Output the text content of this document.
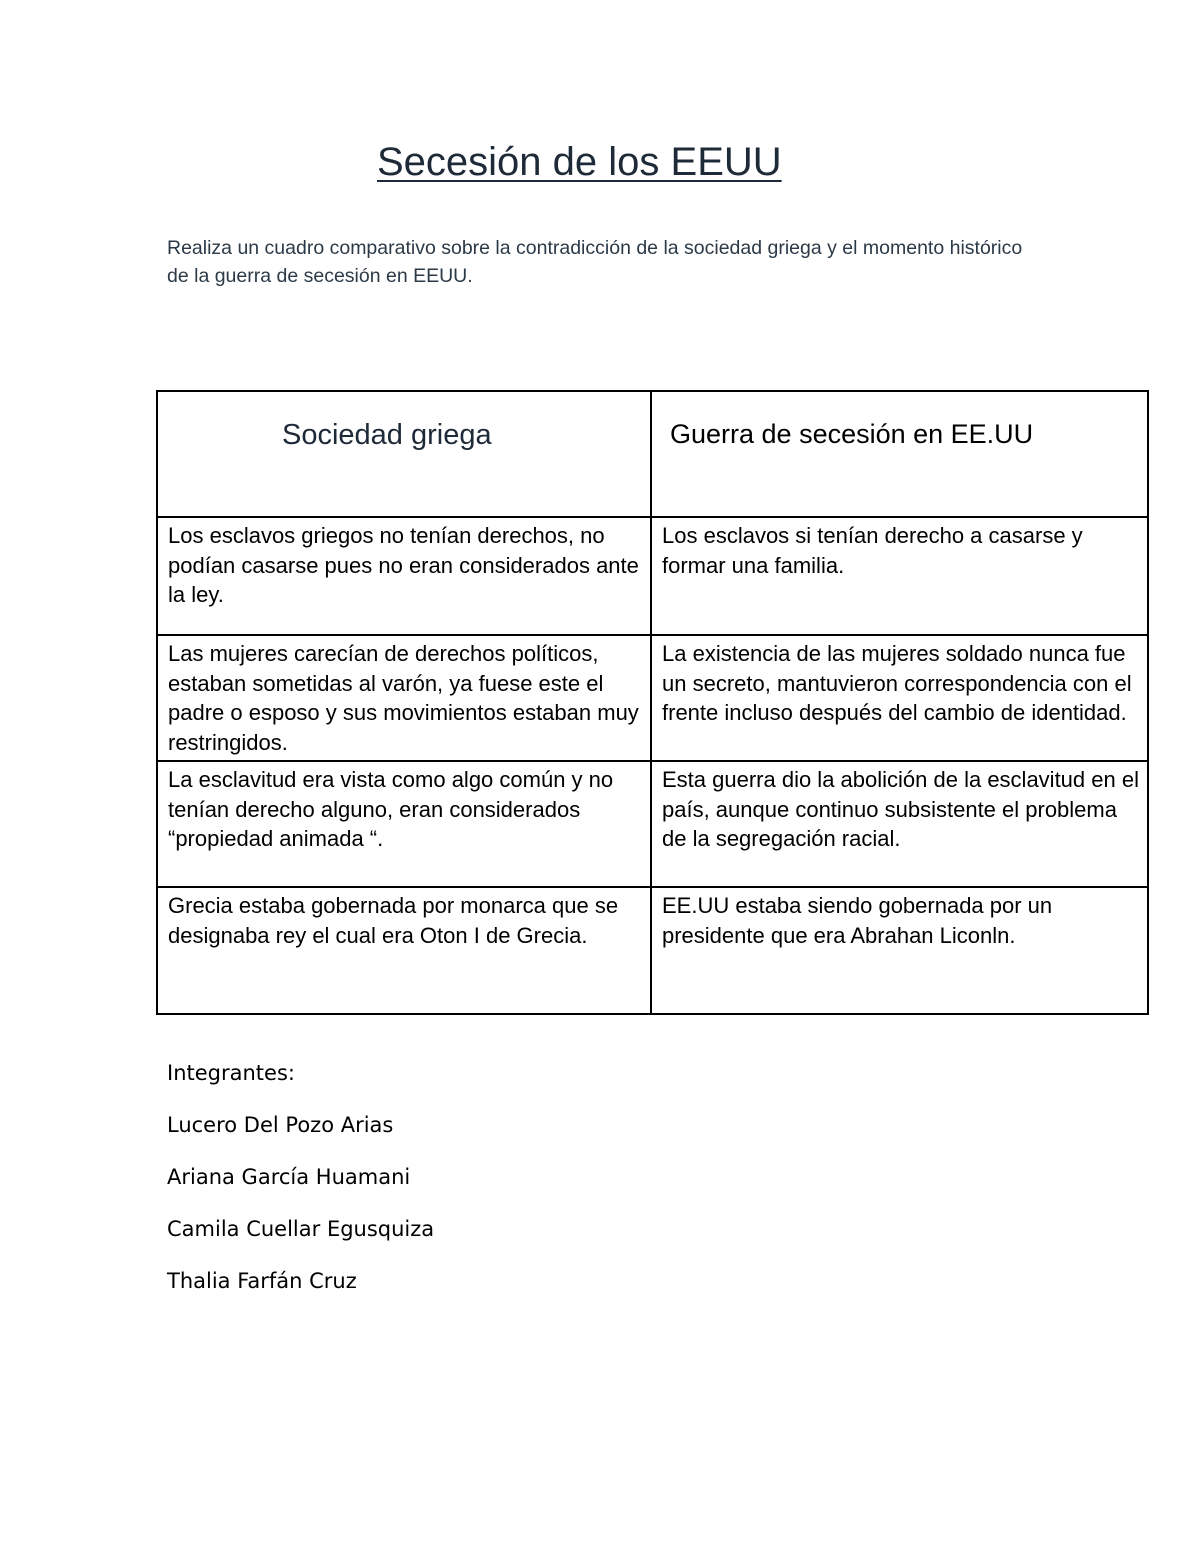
Secesión de los EEUU
Realiza un cuadro comparativo sobre la contradicción de la sociedad griega y el momento histórico de la guerra de secesión en EEUU.
Sociedad griega	Guerra de secesión en EE.UU
Los esclavos griegos no tenían derechos, no podían casarse pues no eran considerados ante la ley.	Los esclavos si tenían derecho a casarse y formar una familia.
Las mujeres carecían de derechos políticos, estaban sometidas al varón, ya fuese este el padre o esposo y sus movimientos estaban muy restringidos.	La existencia de las mujeres soldado nunca fue un secreto, mantuvieron correspondencia con el frente incluso después del cambio de identidad.
La esclavitud era vista como algo común y no tenían derecho alguno, eran considerados “propiedad animada “.	Esta guerra dio la abolición de la esclavitud en el país, aunque continuo subsistente el problema de la segregación racial.
Grecia estaba gobernada por monarca que se designaba rey el cual era Oton I de Grecia.	EE.UU estaba siendo gobernada por un presidente que era Abrahan Liconln.
Integrantes:
Lucero Del Pozo Arias
Ariana García Huamani
Camila Cuellar Egusquiza
Thalia Farfán Cruz
